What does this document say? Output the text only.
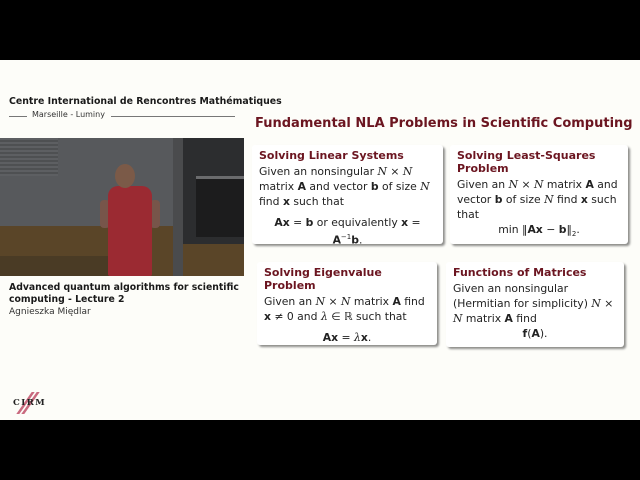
Centre International de Rencontres Mathématiques
Marseille - Luminy
Advanced quantum algorithms for scientific computing - Lecture 2
Agnieszka Międlar
CIRM
Fundamental NLA Problems in Scientific Computing
Solving Linear Systems
Given an nonsingular N × N matrix A and vector b of size N find x such that
Ax = b or equivalently $x = A^{-1}b$.
Solving Least-Squares Problem
Given an N × N matrix A and vector b of size N find x such that
min ‖Ax − $b‖_2$.
Solving Eigenvalue Problem
Given an N × N matrix A find x ≠ 0 and λ ∈ ℝ such that
Ax = λx.
Functions of Matrices
Given an nonsingular (Hermitian for simplicity) N × N matrix A find
f(A).
